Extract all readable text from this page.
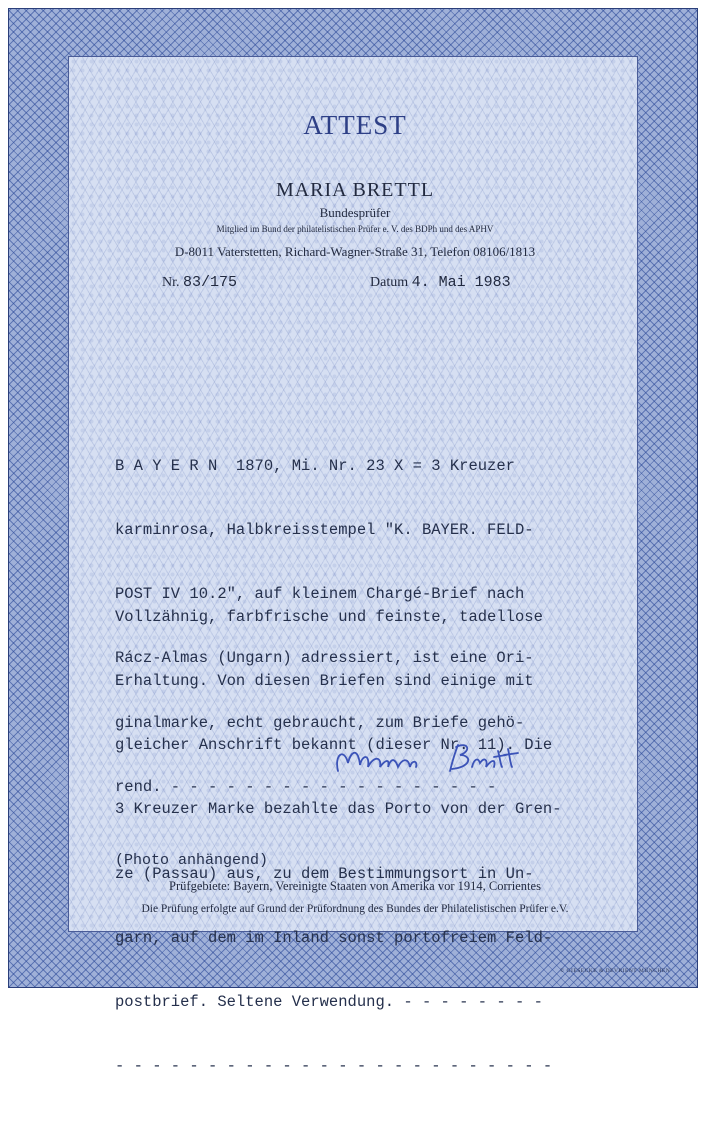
ATTEST
MARIA BRETTL
Bundesprüfer
Mitglied im Bund der philatelistischen Prüfer e. V. des BDPh und des APHV
D-8011 Vaterstetten, Richard-Wagner-Straße 31, Telefon 08106/1813
Nr. 83/175	Datum 4. Mai 1983

B A Y E R N  1870, Mi. Nr. 23 X = 3 Kreuzer

karminrosa, Halbkreisstempel "K. BAYER. FELD-

POST IV 10.2", auf kleinem Chargé-Brief nach

Rácz-Almas (Ungarn) adressiert, ist eine Ori-

ginalmarke, echt gebraucht, zum Briefe gehö-

rend. - - - - - - - - - - - - - - - - - -

Vollzähnig, farbfrische und feinste, tadellose

Erhaltung. Von diesen Briefen sind einige mit

gleicher Anschrift bekannt (dieser Nr. 11). Die

3 Kreuzer Marke bezahlte das Porto von der Gren-

ze (Passau) aus, zu dem Bestimmungsort in Un-

garn, auf dem im Inland sonst portofreiem Feld-

postbrief. Seltene Verwendung. - - - - - - - -

- - - - - - - - - - - - - - - - - - - - - - - -

(Photo anhängend)
Prüfgebiete: Bayern, Vereinigte Staaten von Amerika vor 1914, Corrientes
Die Prüfung erfolgte auf Grund der Prüfordnung des Bundes der Philatelistischen Prüfer e.V.
© GIESECKE & DEVRIENT MÜNCHEN
